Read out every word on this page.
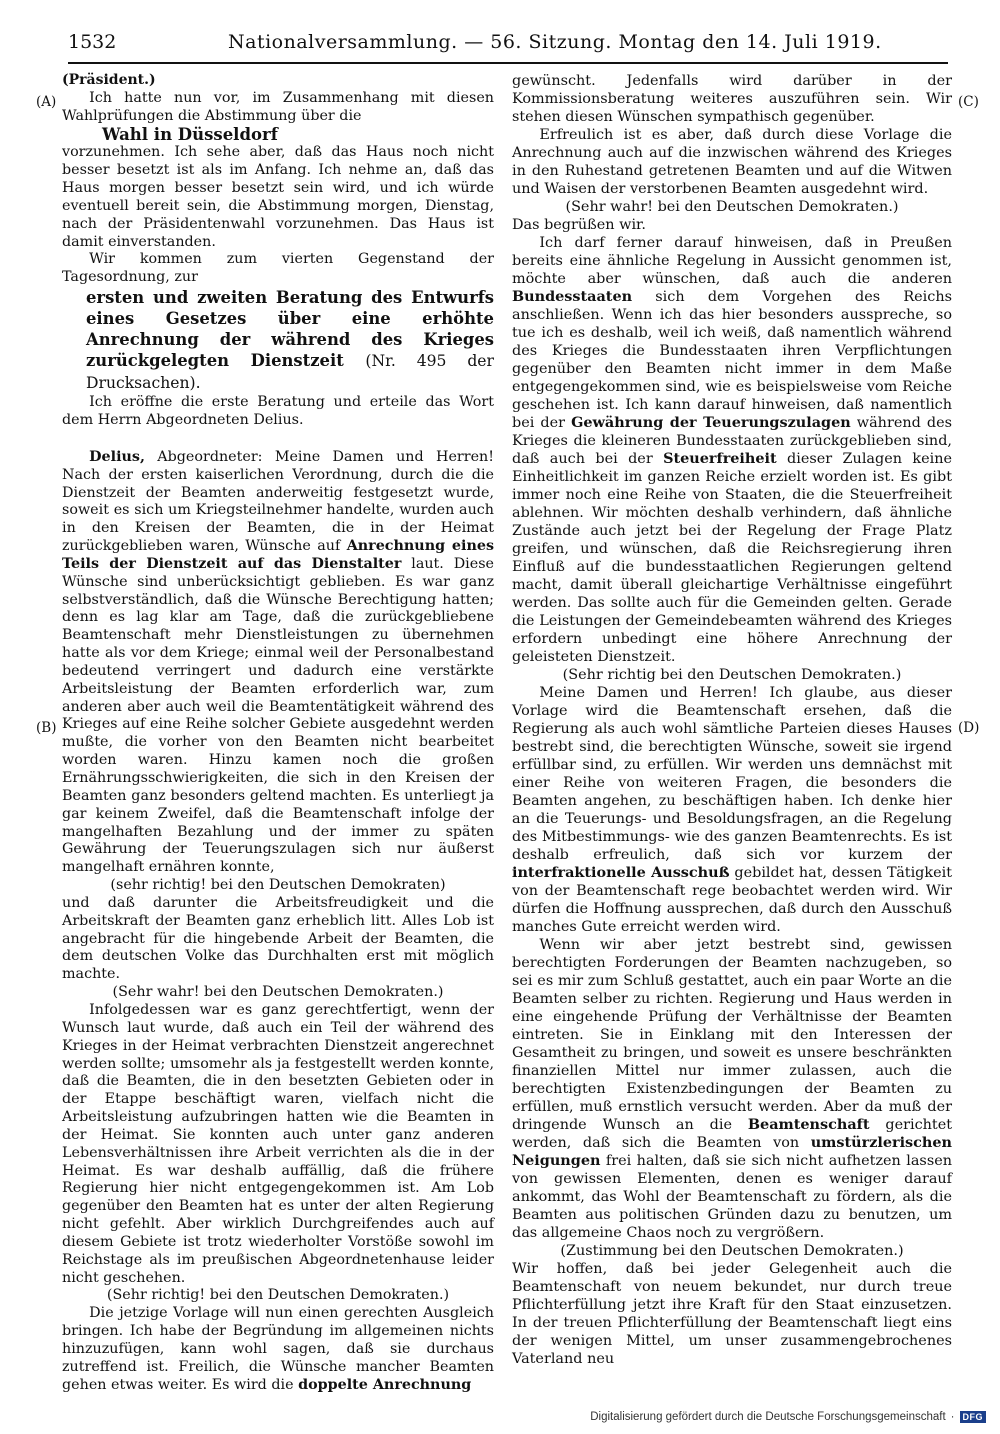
1532	Nationalversammlung. — 56. Sitzung. Montag den 14. Juli 1919.
(A)
(B)
(C)
(D)

(Präsident.)

Ich hatte nun vor, im Zusammenhang mit diesen Wahlprüfungen die Abstimmung über die

Wahl in Düsseldorf

vorzunehmen. Ich sehe aber, daß das Haus noch nicht besser besetzt ist als im Anfang. Ich nehme an, daß das Haus morgen besser besetzt sein wird, und ich würde eventuell bereit sein, die Abstimmung morgen, Dienstag, nach der Präsidentenwahl vorzunehmen. Das Haus ist damit einverstanden.

Wir kommen zum vierten Gegenstand der Tagesordnung, zur

ersten und zweiten Beratung des Entwurfs eines Gesetzes über eine erhöhte Anrechnung der während des Krieges zurückgelegten Dienstzeit (Nr. 495 der Drucksachen).

Ich eröffne die erste Beratung und erteile das Wort dem Herrn Abgeordneten Delius.

Delius, Abgeordneter: Meine Damen und Herren! Nach der ersten kaiserlichen Verordnung, durch die die Dienstzeit der Beamten anderweitig festgesetzt wurde, soweit es sich um Kriegsteilnehmer handelte, wurden auch in den Kreisen der Beamten, die in der Heimat zurückgeblieben waren, Wünsche auf Anrechnung eines Teils der Dienstzeit auf das Dienstalter laut. Diese Wünsche sind unberücksichtigt geblieben. Es war ganz selbstverständlich, daß die Wünsche Berechtigung hatten; denn es lag klar am Tage, daß die zurückgebliebene Beamtenschaft mehr Dienstleistungen zu übernehmen hatte als vor dem Kriege; einmal weil der Personalbestand bedeutend verringert und dadurch eine verstärkte Arbeitsleistung der Beamten erforderlich war, zum anderen aber auch weil die Beamtentätigkeit während des Krieges auf eine Reihe solcher Gebiete ausgedehnt werden mußte, die vorher von den Beamten nicht bearbeitet worden waren. Hinzu kamen noch die großen Ernährungsschwierigkeiten, die sich in den Kreisen der Beamten ganz besonders geltend machten. Es unterliegt ja gar keinem Zweifel, daß die Beamtenschaft infolge der mangelhaften Bezahlung und der immer zu späten Gewährung der Teuerungszulagen sich nur äußerst mangelhaft ernähren konnte,

(sehr richtig! bei den Deutschen Demokraten)

und daß darunter die Arbeitsfreudigkeit und die Arbeitskraft der Beamten ganz erheblich litt. Alles Lob ist angebracht für die hingebende Arbeit der Beamten, die dem deutschen Volke das Durchhalten erst mit möglich machte.

(Sehr wahr! bei den Deutschen Demokraten.)

Infolgedessen war es ganz gerechtfertigt, wenn der Wunsch laut wurde, daß auch ein Teil der während des Krieges in der Heimat verbrachten Dienstzeit angerechnet werden sollte; umsomehr als ja festgestellt werden konnte, daß die Beamten, die in den besetzten Gebieten oder in der Etappe beschäftigt waren, vielfach nicht die Arbeitsleistung aufzubringen hatten wie die Beamten in der Heimat. Sie konnten auch unter ganz anderen Lebensverhältnissen ihre Arbeit verrichten als die in der Heimat. Es war deshalb auffällig, daß die frühere Regierung hier nicht entgegengekommen ist. Am Lob gegenüber den Beamten hat es unter der alten Regierung nicht gefehlt. Aber wirklich Durchgreifendes auch auf diesem Gebiete ist trotz wiederholter Vorstöße sowohl im Reichstage als im preußischen Abgeordnetenhause leider nicht geschehen.

(Sehr richtig! bei den Deutschen Demokraten.)

Die jetzige Vorlage will nun einen gerechten Ausgleich bringen. Ich habe der Begründung im allgemeinen nichts hinzuzufügen, kann wohl sagen, daß sie durchaus zutreffend ist. Freilich, die Wünsche mancher Beamten gehen etwas weiter. Es wird die doppelte Anrechnung

gewünscht. Jedenfalls wird darüber in der Kommissionsberatung weiteres auszuführen sein. Wir stehen diesen Wünschen sympathisch gegenüber.

Erfreulich ist es aber, daß durch diese Vorlage die Anrechnung auch auf die inzwischen während des Krieges in den Ruhestand getretenen Beamten und auf die Witwen und Waisen der verstorbenen Beamten ausgedehnt wird.

(Sehr wahr! bei den Deutschen Demokraten.)

Das begrüßen wir.

Ich darf ferner darauf hinweisen, daß in Preußen bereits eine ähnliche Regelung in Aussicht genommen ist, möchte aber wünschen, daß auch die anderen Bundesstaaten sich dem Vorgehen des Reichs anschließen. Wenn ich das hier besonders ausspreche, so tue ich es deshalb, weil ich weiß, daß namentlich während des Krieges die Bundesstaaten ihren Verpflichtungen gegenüber den Beamten nicht immer in dem Maße entgegengekommen sind, wie es beispielsweise vom Reiche geschehen ist. Ich kann darauf hinweisen, daß namentlich bei der Gewährung der Teuerungszulagen während des Krieges die kleineren Bundesstaaten zurückgeblieben sind, daß auch bei der Steuerfreiheit dieser Zulagen keine Einheitlichkeit im ganzen Reiche erzielt worden ist. Es gibt immer noch eine Reihe von Staaten, die die Steuerfreiheit ablehnen. Wir möchten deshalb verhindern, daß ähnliche Zustände auch jetzt bei der Regelung der Frage Platz greifen, und wünschen, daß die Reichsregierung ihren Einfluß auf die bundesstaatlichen Regierungen geltend macht, damit überall gleichartige Verhältnisse eingeführt werden. Das sollte auch für die Gemeinden gelten. Gerade die Leistungen der Gemeindebeamten während des Krieges erfordern unbedingt eine höhere Anrechnung der geleisteten Dienstzeit.

(Sehr richtig bei den Deutschen Demokraten.)

Meine Damen und Herren! Ich glaube, aus dieser Vorlage wird die Beamtenschaft ersehen, daß die Regierung als auch wohl sämtliche Parteien dieses Hauses bestrebt sind, die berechtigten Wünsche, soweit sie irgend erfüllbar sind, zu erfüllen. Wir werden uns demnächst mit einer Reihe von weiteren Fragen, die besonders die Beamten angehen, zu beschäftigen haben. Ich denke hier an die Teuerungs- und Besoldungsfragen, an die Regelung des Mitbestimmungs- wie des ganzen Beamtenrechts. Es ist deshalb erfreulich, daß sich vor kurzem der interfraktionelle Ausschuß gebildet hat, dessen Tätigkeit von der Beamtenschaft rege beobachtet werden wird. Wir dürfen die Hoffnung aussprechen, daß durch den Ausschuß manches Gute erreicht werden wird.

Wenn wir aber jetzt bestrebt sind, gewissen berechtigten Forderungen der Beamten nachzugeben, so sei es mir zum Schluß gestattet, auch ein paar Worte an die Beamten selber zu richten. Regierung und Haus werden in eine eingehende Prüfung der Verhältnisse der Beamten eintreten. Sie in Einklang mit den Interessen der Gesamtheit zu bringen, und soweit es unsere beschränkten finanziellen Mittel nur immer zulassen, auch die berechtigten Existenzbedingungen der Beamten zu erfüllen, muß ernstlich versucht werden. Aber da muß der dringende Wunsch an die Beamtenschaft gerichtet werden, daß sich die Beamten von umstürzlerischen Neigungen frei halten, daß sie sich nicht aufhetzen lassen von gewissen Elementen, denen es weniger darauf ankommt, das Wohl der Beamtenschaft zu fördern, als die Beamten aus politischen Gründen dazu zu benutzen, um das allgemeine Chaos noch zu vergrößern.

(Zustimmung bei den Deutschen Demokraten.)

Wir hoffen, daß bei jeder Gelegenheit auch die Beamtenschaft von neuem bekundet, nur durch treue Pflichterfüllung jetzt ihre Kraft für den Staat einzusetzen. In der treuen Pflichterfüllung der Beamtenschaft liegt eins der wenigen Mittel, um unser zusammengebrochenes Vaterland neu

Digitalisierung gefördert durch die Deutsche Forschungsgemeinschaft · DFG
